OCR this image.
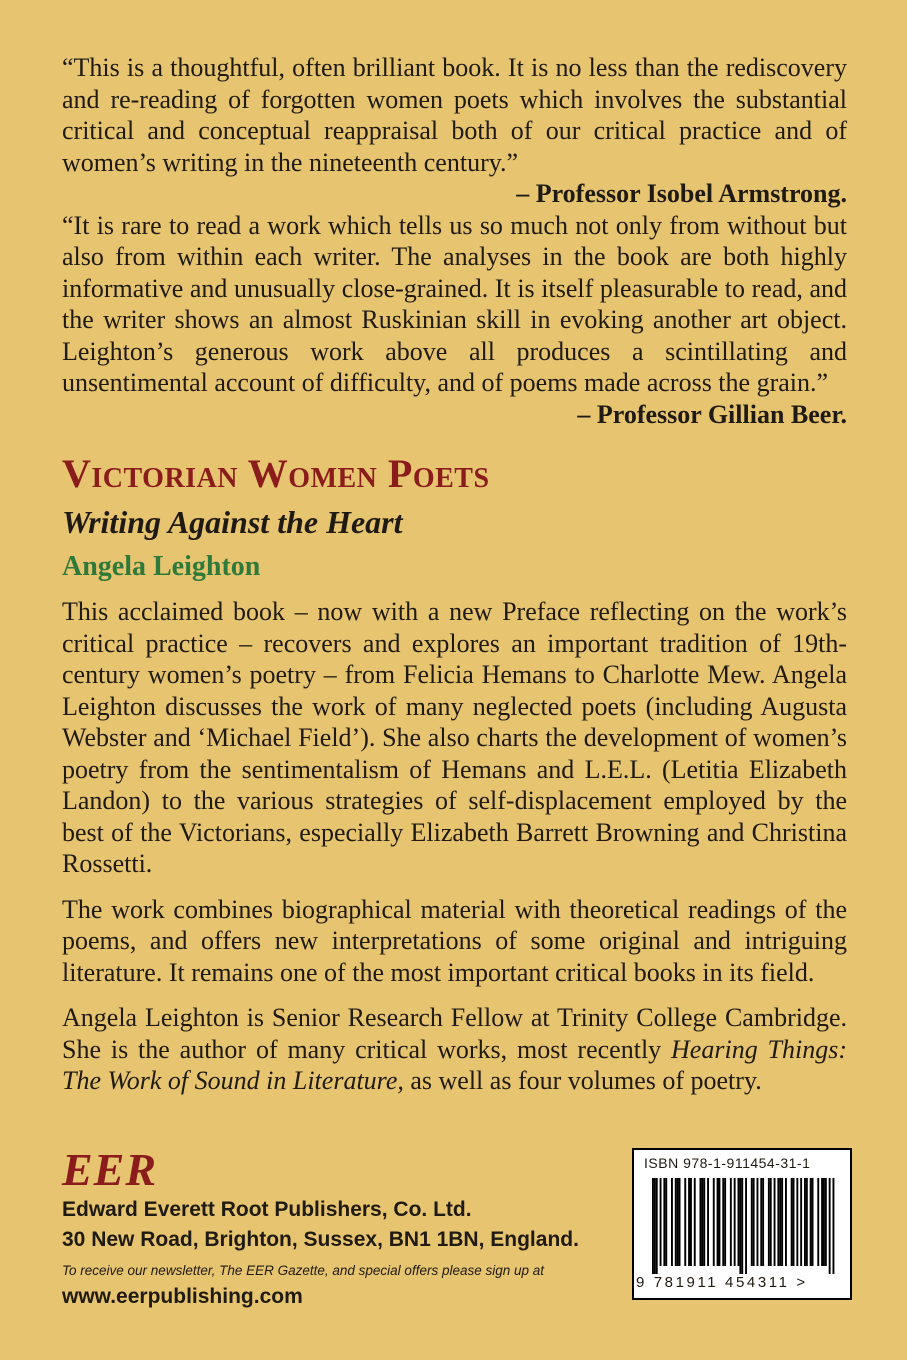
“This is a thoughtful, often brilliant book. It is no less than the rediscovery and re-reading of forgotten women poets which involves the substantial critical and conceptual reappraisal both of our critical practice and of women’s writing in the nineteenth century.”
– Professor Isobel Armstrong.

“It is rare to read a work which tells us so much not only from without but also from within each writer. The analyses in the book are both highly informative and unusually close-grained. It is itself pleasurable to read, and the writer shows an almost Ruskinian skill in evoking another art object. Leighton’s generous work above all produces a scintillating and unsentimental account of difficulty, and of poems made across the grain.”
– Professor Gillian Beer.

Victorian Women Poets
Writing Against the Heart
Angela Leighton

This acclaimed book – now with a new Preface reflecting on the work’s critical practice – recovers and explores an important tradition of 19th-century women’s poetry – from Felicia Hemans to Charlotte Mew. Angela Leighton discusses the work of many neglected poets (including Augusta Webster and ‘Michael Field’). She also charts the development of women’s poetry from the sentimentalism of Hemans and L.E.L. (Letitia Elizabeth Landon) to the various strategies of self-displacement employed by the best of the Victorians, especially Elizabeth Barrett Browning and Christina Rossetti.

The work combines biographical material with theoretical readings of the poems, and offers new interpretations of some original and intriguing literature. It remains one of the most important critical books in its field.

Angela Leighton is Senior Research Fellow at Trinity College Cambridge. She is the author of many critical works, most recently Hearing Things: The Work of Sound in Literature, as well as four volumes of poetry.

EER
Edward Everett Root Publishers, Co. Ltd.
30 New Road, Brighton, Sussex, BN1 1BN, England.
To receive our newsletter, The EER Gazette, and special offers please sign up at
www.eerpublishing.com
ISBN 978-1-911454-31-1
9 781911 454311 >
